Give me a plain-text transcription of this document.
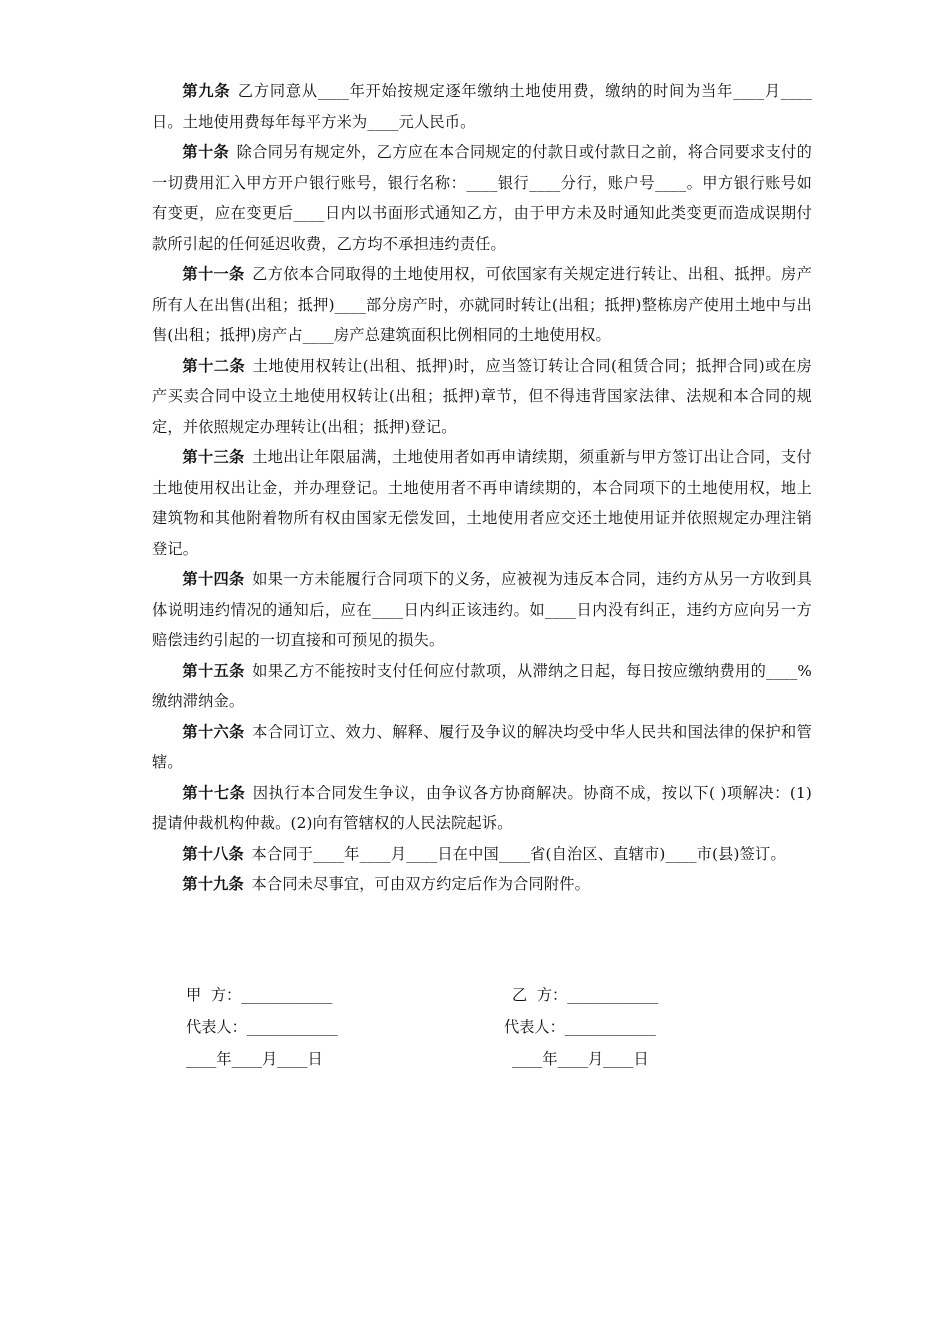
第九条 乙方同意从____年开始按规定逐年缴纳土地使用费，缴纳的时间为当年____月____日。土地使用费每年每平方米为____元人民币。

第十条 除合同另有规定外，乙方应在本合同规定的付款日或付款日之前，将合同要求支付的一切费用汇入甲方开户银行账号，银行名称：____银行____分行，账户号____。甲方银行账号如有变更，应在变更后____日内以书面形式通知乙方，由于甲方未及时通知此类变更而造成误期付款所引起的任何延迟收费，乙方均不承担违约责任。

第十一条 乙方依本合同取得的土地使用权，可依国家有关规定进行转让、出租、抵押。房产所有人在出售(出租；抵押)____部分房产时，亦就同时转让(出租；抵押)整栋房产使用土地中与出售(出租；抵押)房产占____房产总建筑面积比例相同的土地使用权。

第十二条 土地使用权转让(出租、抵押)时，应当签订转让合同(租赁合同；抵押合同)或在房产买卖合同中设立土地使用权转让(出租；抵押)章节，但不得违背国家法律、法规和本合同的规定，并依照规定办理转让(出租；抵押)登记。

第十三条 土地出让年限届满，土地使用者如再申请续期，须重新与甲方签订出让合同，支付土地使用权出让金，并办理登记。土地使用者不再申请续期的，本合同项下的土地使用权，地上建筑物和其他附着物所有权由国家无偿发回，土地使用者应交还土地使用证并依照规定办理注销登记。

第十四条 如果一方未能履行合同项下的义务，应被视为违反本合同，违约方从另一方收到具体说明违约情况的通知后，应在____日内纠正该违约。如____日内没有纠正，违约方应向另一方赔偿违约引起的一切直接和可预见的损失。

第十五条 如果乙方不能按时支付任何应付款项，从滞纳之日起，每日按应缴纳费用的____%缴纳滞纳金。

第十六条 本合同订立、效力、解释、履行及争议的解决均受中华人民共和国法律的保护和管辖。

第十七条 因执行本合同发生争议，由争议各方协商解决。协商不成，按以下( )项解决：(1)提请仲裁机构仲裁。(2)向有管辖权的人民法院起诉。

第十八条 本合同于____年____月____日在中国____省(自治区、直辖市)____市(县)签订。

第十九条 本合同未尽事宜，可由双方约定后作为合同附件。

甲  方：____________	乙  方：____________
代表人：____________	代表人：____________
____年____月____日	____年____月____日
